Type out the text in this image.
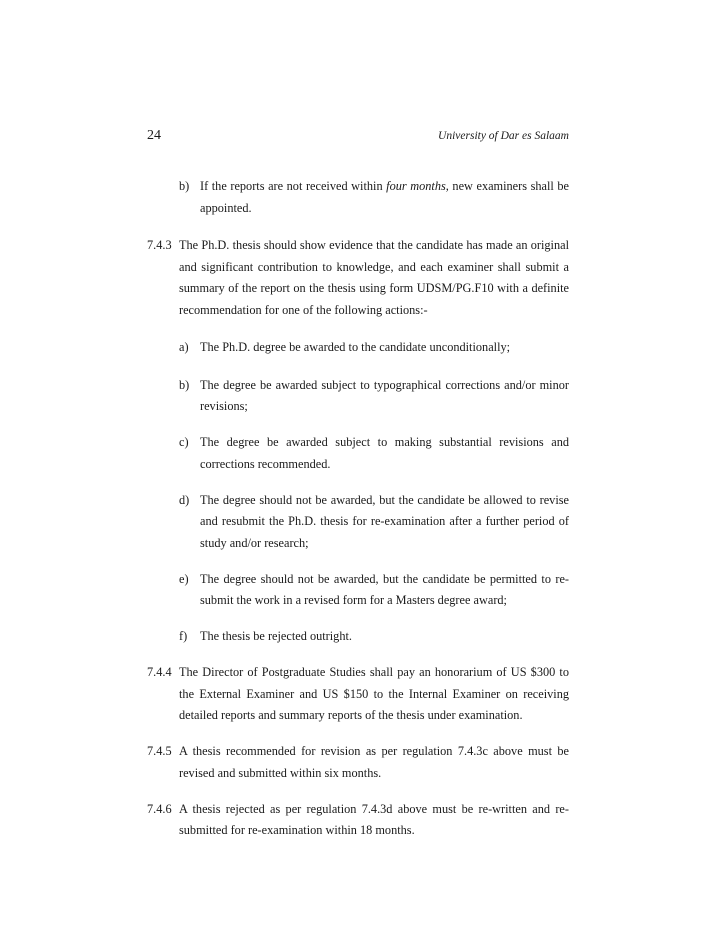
24	University of Dar es Salaam
b) If the reports are not received within four months, new examiners shall be appointed.
7.4.3 The Ph.D. thesis should show evidence that the candidate has made an original and significant contribution to knowledge, and each examiner shall submit a summary of the report on the thesis using form UDSM/PG.F10 with a definite recommendation for one of the following actions:-
a) The Ph.D. degree be awarded to the candidate unconditionally;
b) The degree be awarded subject to typographical corrections and/or minor revisions;
c) The degree be awarded subject to making substantial revisions and corrections recommended.
d) The degree should not be awarded, but the candidate be allowed to revise and resubmit the Ph.D. thesis for re-examination after a further period of study and/or research;
e) The degree should not be awarded, but the candidate be permitted to re-submit the work in a revised form for a Masters degree award;
f) The thesis be rejected outright.
7.4.4 The Director of Postgraduate Studies shall pay an honorarium of US $300 to the External Examiner and US $150 to the Internal Examiner on receiving detailed reports and summary reports of the thesis under examination.
7.4.5 A thesis recommended for revision as per regulation 7.4.3c above must be revised and submitted within six months.
7.4.6 A thesis rejected as per regulation 7.4.3d above must be re-written and re-submitted for re-examination within 18 months.
